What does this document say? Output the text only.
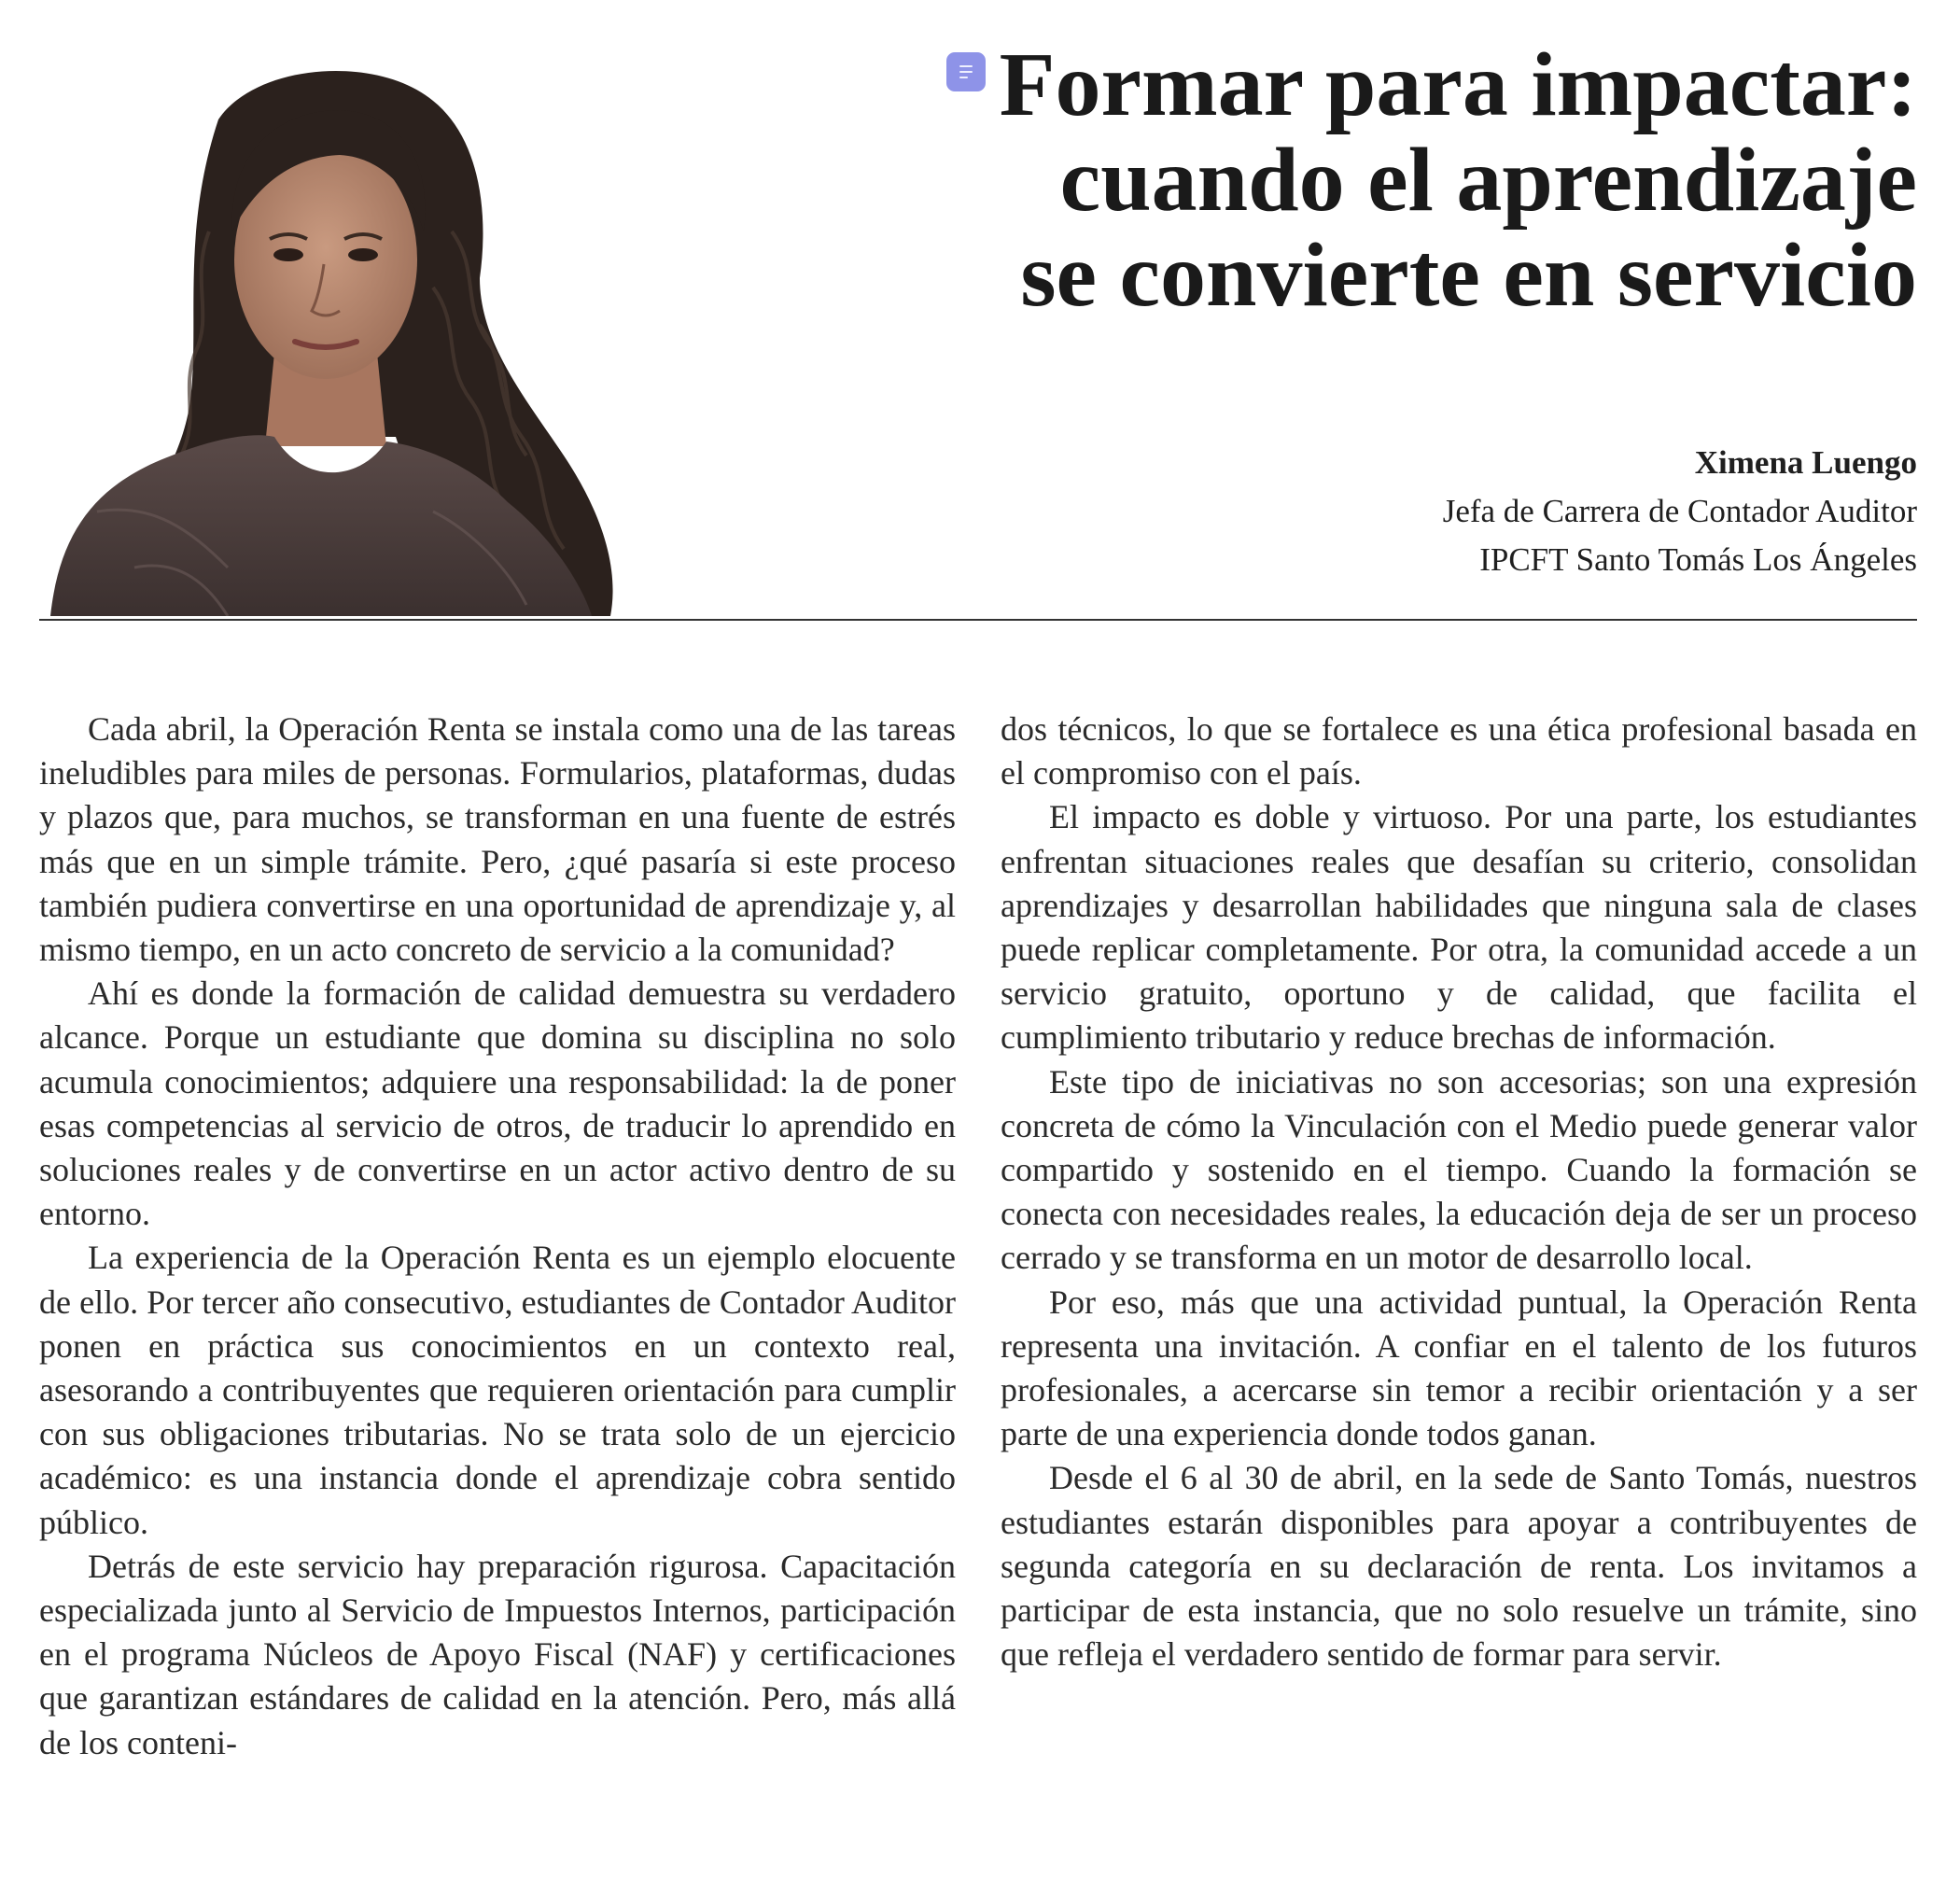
Formar para impactar: cuando el aprendizaje se convierte en servicio
Ximena Luengo
Jefa de Carrera de Contador Auditor
IPCFT Santo Tomás Los Ángeles

Cada abril, la Operación Renta se instala como una de las tareas ineludibles para miles de personas. Formularios, plataformas, dudas y plazos que, para muchos, se transforman en una fuente de estrés más que en un simple trámite. Pero, ¿qué pasaría si este proceso también pudiera convertirse en una oportunidad de aprendizaje y, al mismo tiempo, en un acto concreto de servicio a la comunidad?

Ahí es donde la formación de calidad demuestra su verdadero alcance. Porque un estudiante que domina su disciplina no solo acumula conocimientos; adquiere una responsabilidad: la de poner esas competencias al servicio de otros, de traducir lo aprendido en soluciones reales y de convertirse en un actor activo dentro de su entorno.

La experiencia de la Operación Renta es un ejemplo elocuente de ello. Por tercer año consecutivo, estudiantes de Contador Auditor ponen en práctica sus conocimientos en un contexto real, asesorando a contribuyentes que requieren orientación para cumplir con sus obligaciones tributarias. No se trata solo de un ejercicio académico: es una instancia donde el aprendizaje cobra sentido público.

Detrás de este servicio hay preparación rigurosa. Capacitación especializada junto al Servicio de Impuestos Internos, participación en el programa Núcleos de Apoyo Fiscal (NAF) y certificaciones que garantizan estándares de calidad en la atención. Pero, más allá de los conteni-

dos técnicos, lo que se fortalece es una ética profesional basada en el compromiso con el país.

El impacto es doble y virtuoso. Por una parte, los estudiantes enfrentan situaciones reales que desafían su criterio, consolidan aprendizajes y desarrollan habilidades que ninguna sala de clases puede replicar completamente. Por otra, la comunidad accede a un servicio gratuito, oportuno y de calidad, que facilita el cumplimiento tributario y reduce brechas de información.

Este tipo de iniciativas no son accesorias; son una expresión concreta de cómo la Vinculación con el Medio puede generar valor compartido y sostenido en el tiempo. Cuando la formación se conecta con necesidades reales, la educación deja de ser un proceso cerrado y se transforma en un motor de desarrollo local.

Por eso, más que una actividad puntual, la Operación Renta representa una invitación. A confiar en el talento de los futuros profesionales, a acercarse sin temor a recibir orientación y a ser parte de una experiencia donde todos ganan.

Desde el 6 al 30 de abril, en la sede de Santo Tomás, nuestros estudiantes estarán disponibles para apoyar a contribuyentes de segunda categoría en su declaración de renta. Los invitamos a participar de esta instancia, que no solo resuelve un trámite, sino que refleja el verdadero sentido de formar para servir.
